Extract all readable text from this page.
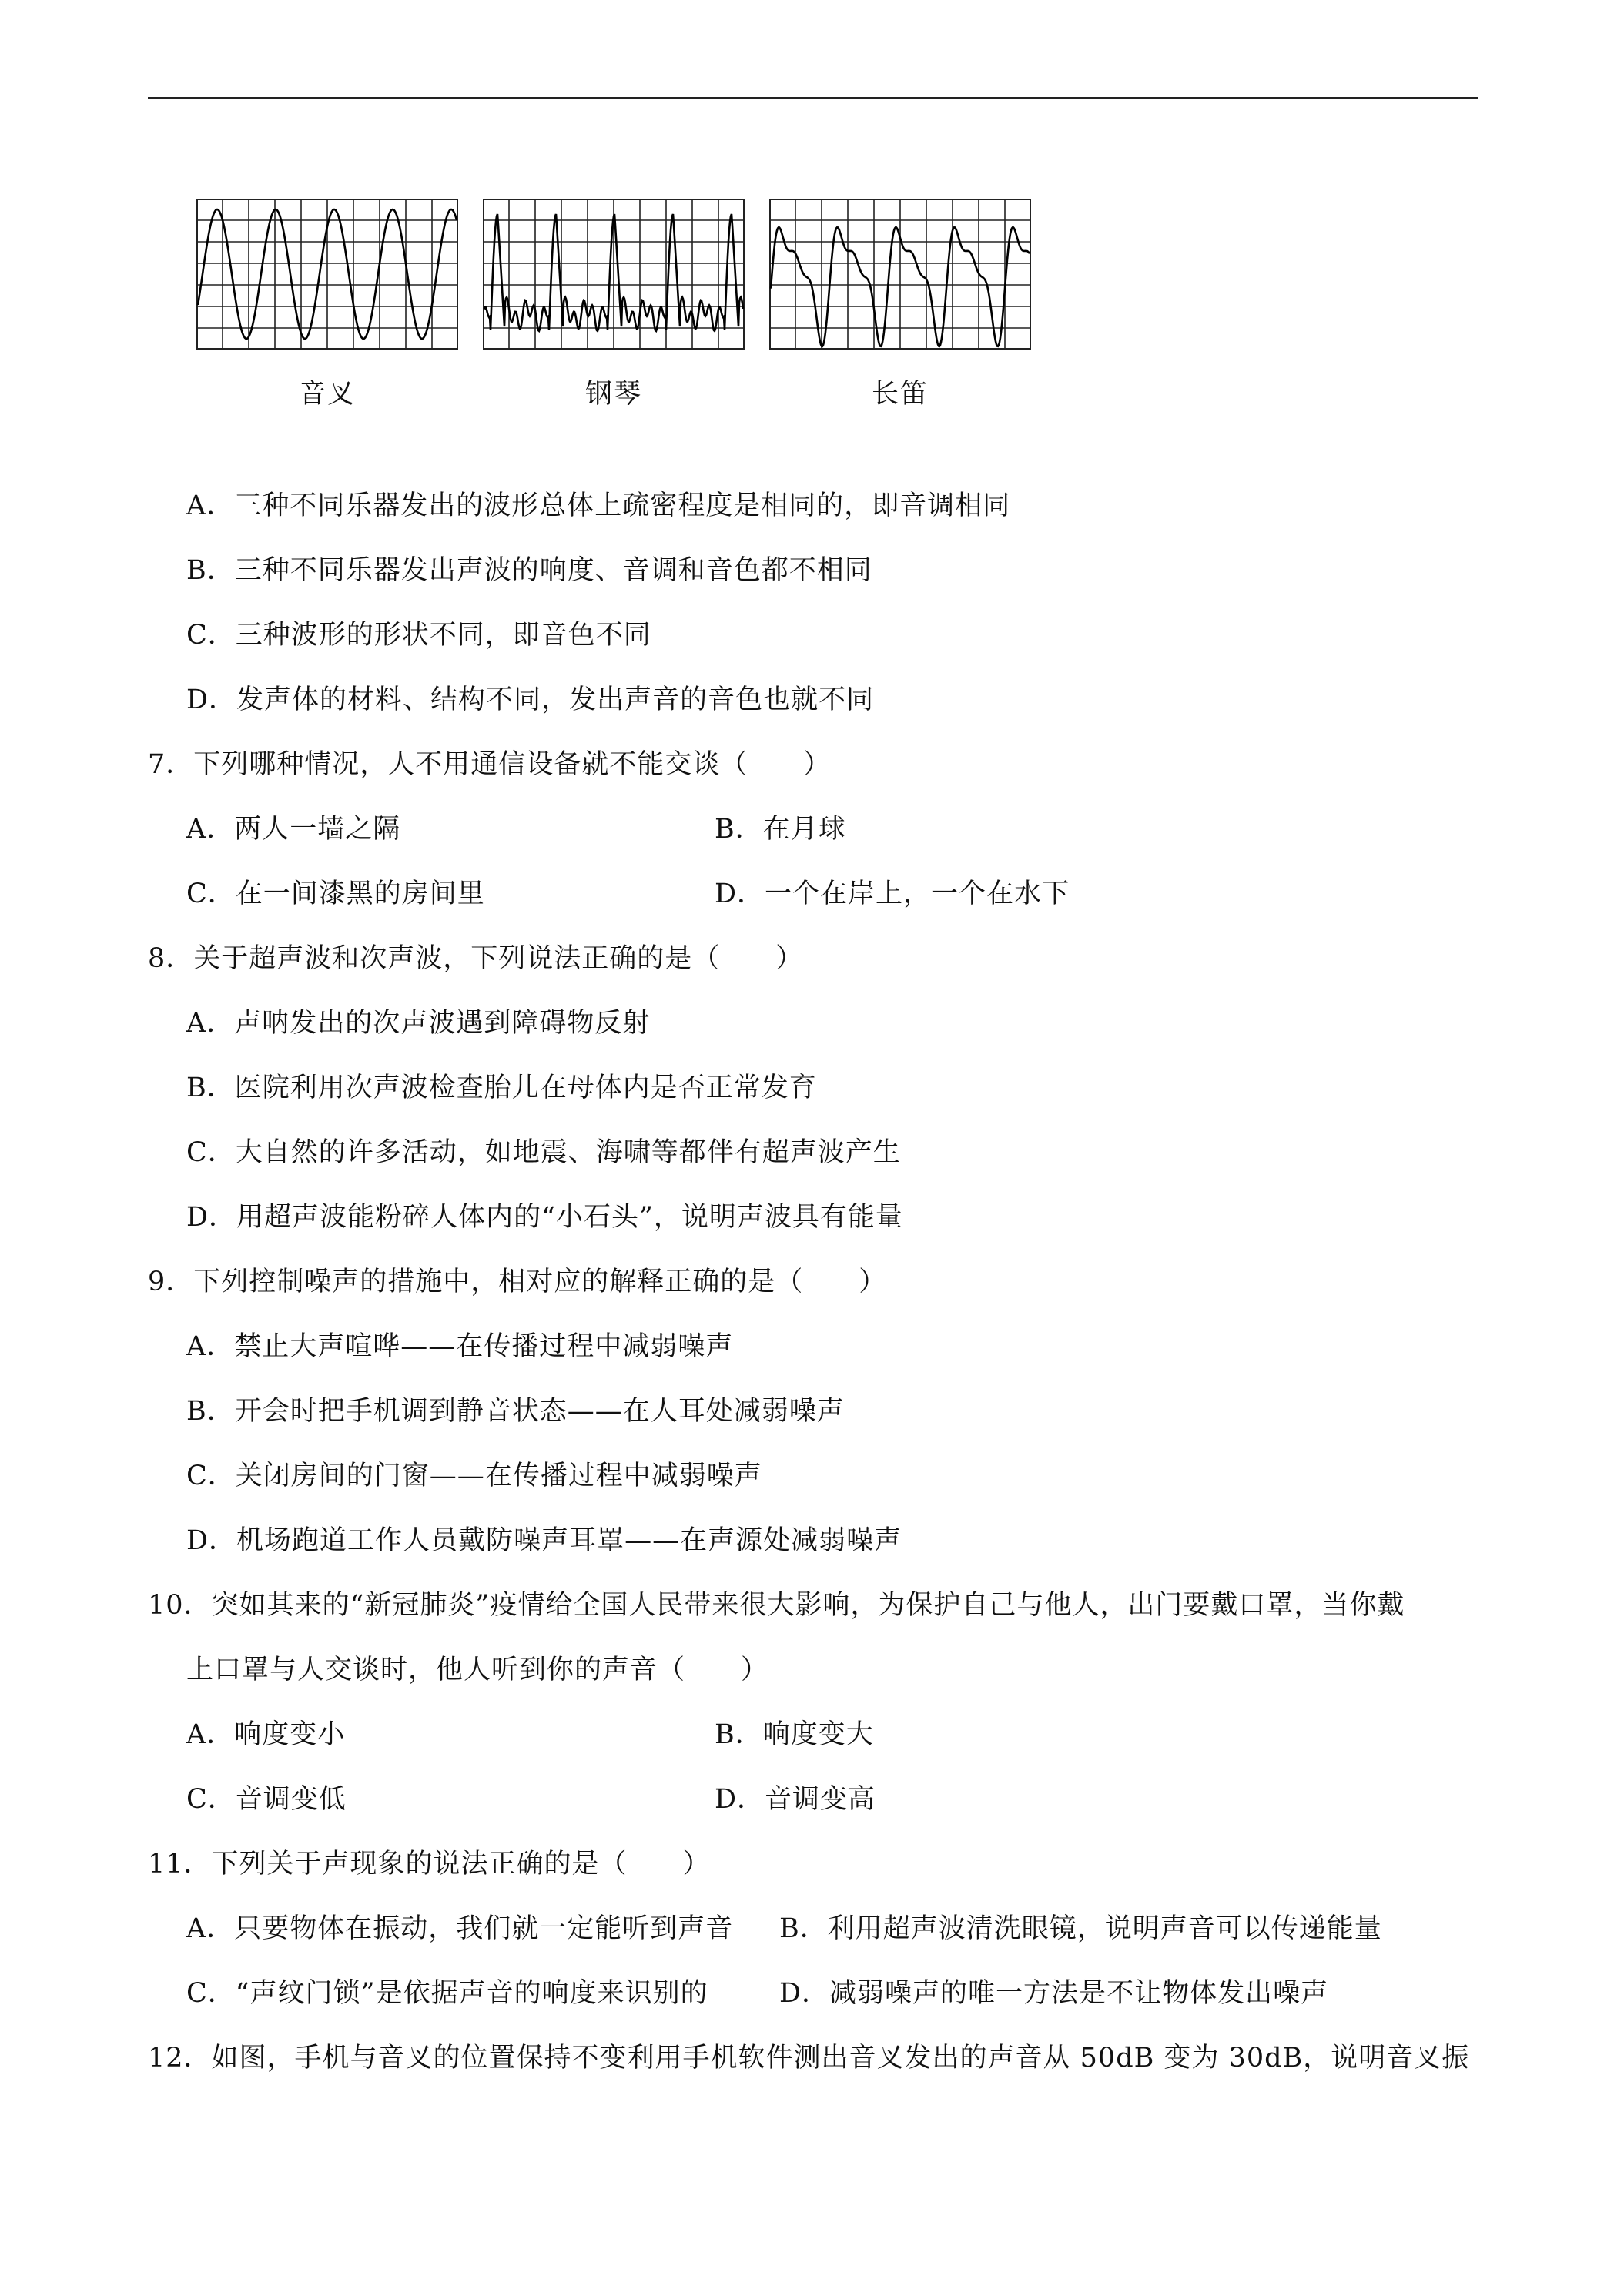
音叉	钢琴	长笛
A．三种不同乐器发出的波形总体上疏密程度是相同的，即音调相同
B．三种不同乐器发出声波的响度、音调和音色都不相同
C．三种波形的形状不同，即音色不同
D．发声体的材料、结构不同，发出声音的音色也就不同
7．下列哪种情况，人不用通信设备就不能交谈（　　）
A．两人一墙之隔	B．在月球
C．在一间漆黑的房间里	D．一个在岸上，一个在水下
8．关于超声波和次声波，下列说法正确的是（　　）
A．声呐发出的次声波遇到障碍物反射
B．医院利用次声波检查胎儿在母体内是否正常发育
C．大自然的许多活动，如地震、海啸等都伴有超声波产生
D．用超声波能粉碎人体内的“小石头”，说明声波具有能量
9．下列控制噪声的措施中，相对应的解释正确的是（　　）
A．禁止大声喧哗——在传播过程中减弱噪声
B．开会时把手机调到静音状态——在人耳处减弱噪声
C．关闭房间的门窗——在传播过程中减弱噪声
D．机场跑道工作人员戴防噪声耳罩——在声源处减弱噪声
10．突如其来的“新冠肺炎”疫情给全国人民带来很大影响，为保护自己与他人，出门要戴口罩，当你戴
上口罩与人交谈时，他人听到你的声音（　　）
A．响度变小	B．响度变大
C．音调变低	D．音调变高
11．下列关于声现象的说法正确的是（　　）
A．只要物体在振动，我们就一定能听到声音 B．利用超声波清洗眼镜，说明声音可以传递能量
C．“声纹门锁”是依据声音的响度来识别的	D．减弱噪声的唯一方法是不让物体发出噪声
12．如图，手机与音叉的位置保持不变利用手机软件测出音叉发出的声音从 50dB 变为 30dB，说明音叉振
